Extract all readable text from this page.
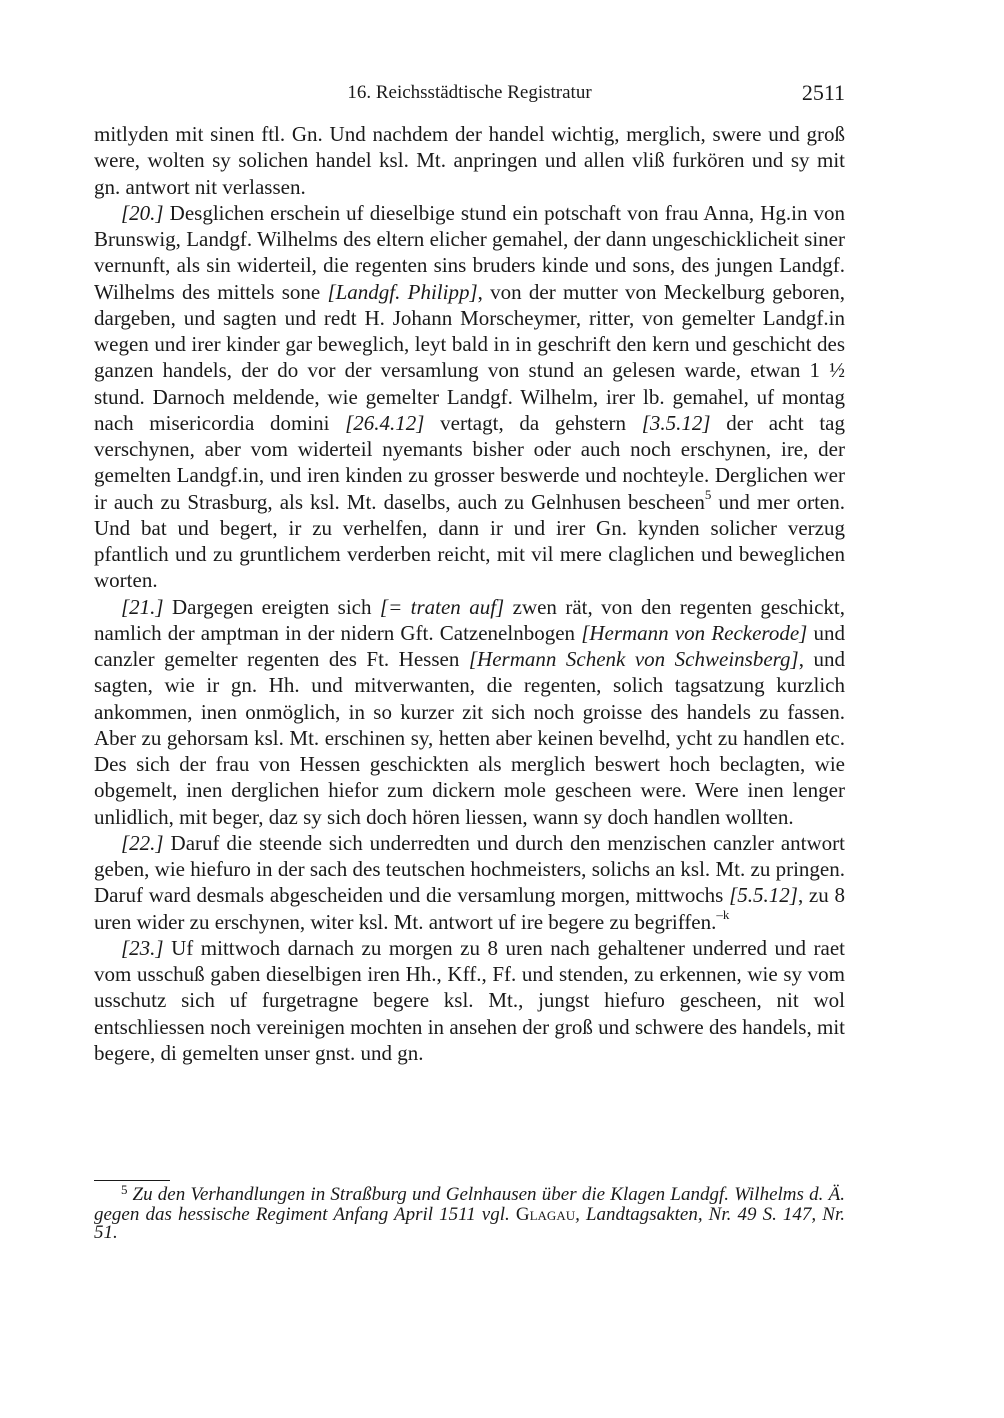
16. Reichsstädtische Registratur	2511

mitlyden mit sinen ftl. Gn. Und nachdem der handel wichtig, merglich, swere und groß were, wolten sy solichen handel ksl. Mt. anpringen und allen vliß furkören und sy mit gn. antwort nit verlassen.

[20.] Desglichen erschein uf dieselbige stund ein potschaft von frau Anna, Hg.in von Brunswig, Landgf. Wilhelms des eltern elicher gemahel, der dann ungeschicklicheit siner vernunft, als sin widerteil, die regenten sins bruders kinde und sons, des jungen Landgf. Wilhelms des mittels sone [Landgf. Philipp], von der mutter von Meckelburg geboren, dargeben, und sagten und redt H. Johann Morscheymer, ritter, von gemelter Landgf.in wegen und irer kinder gar beweglich, leyt bald in in geschrift den kern und geschicht des ganzen handels, der do vor der versamlung von stund an gelesen warde, etwan 1 ½ stund. Darnoch meldende, wie gemelter Landgf. Wilhelm, irer lb. gemahel, uf montag nach misericordia domini [26.4.12] vertagt, da gehstern [3.5.12] der acht tag verschynen, aber vom widerteil nyemants bisher oder auch noch erschynen, ire, der gemelten Landgf.in, und iren kinden zu grosser beswerde und nochteyle. Derglichen wer ir auch zu Strasburg, als ksl. Mt. daselbs, auch zu Gelnhusen bescheen$^5$ und mer orten. Und bat und begert, ir zu verhelfen, dann ir und irer Gn. kynden solicher verzug pfantlich und zu gruntlichem verderben reicht, mit vil mere claglichen und beweglichen worten.

[21.] Dargegen ereigten sich [= traten auf] zwen rät, von den regenten geschickt, namlich der amptman in der nidern Gft. Catzenelnbogen [Hermann von Reckerode] und canzler gemelter regenten des Ft. Hessen [Hermann Schenk von Schweinsberg], und sagten, wie ir gn. Hh. und mitverwanten, die regenten, solich tagsatzung kurzlich ankommen, inen onmöglich, in so kurzer zit sich noch groisse des handels zu fassen. Aber zu gehorsam ksl. Mt. erschinen sy, hetten aber keinen bevelhd, ycht zu handlen etc. Des sich der frau von Hessen geschickten als merglich beswert hoch beclagten, wie obgemelt, inen derglichen hiefor zum dickern mole gescheen were. Were inen lenger unlidlich, mit beger, daz sy sich doch hören liessen, wann sy doch handlen wollten.

[22.] Daruf die steende sich underredten und durch den menzischen canzler antwort geben, wie hiefuro in der sach des teutschen hochmeisters, solichs an ksl. Mt. zu pringen. Daruf ward desmals abgescheiden und die versamlung morgen, mittwochs [5.5.12], zu 8 uren wider zu erschynen, witer ksl. Mt. antwort uf ire begere zu begriffen.$^{-k}$

[23.] Uf mittwoch darnach zu morgen zu 8 uren nach gehaltener underred und raet vom usschuß gaben dieselbigen iren Hh., Kff., Ff. und stenden, zu erkennen, wie sy vom usschutz sich uf furgetragne begere ksl. Mt., jungst hiefuro gescheen, nit wol entschliessen noch vereinigen mochten in ansehen der groß und schwere des handels, mit begere, di gemelten unser gnst. und gn.

$^5$ Zu den Verhandlungen in Straßburg und Gelnhausen über die Klagen Landgf. Wilhelms d. Ä. gegen das hessische Regiment Anfang April 1511 vgl. Glagau, Landtagsakten, Nr. 49 S. 147, Nr. 51.
